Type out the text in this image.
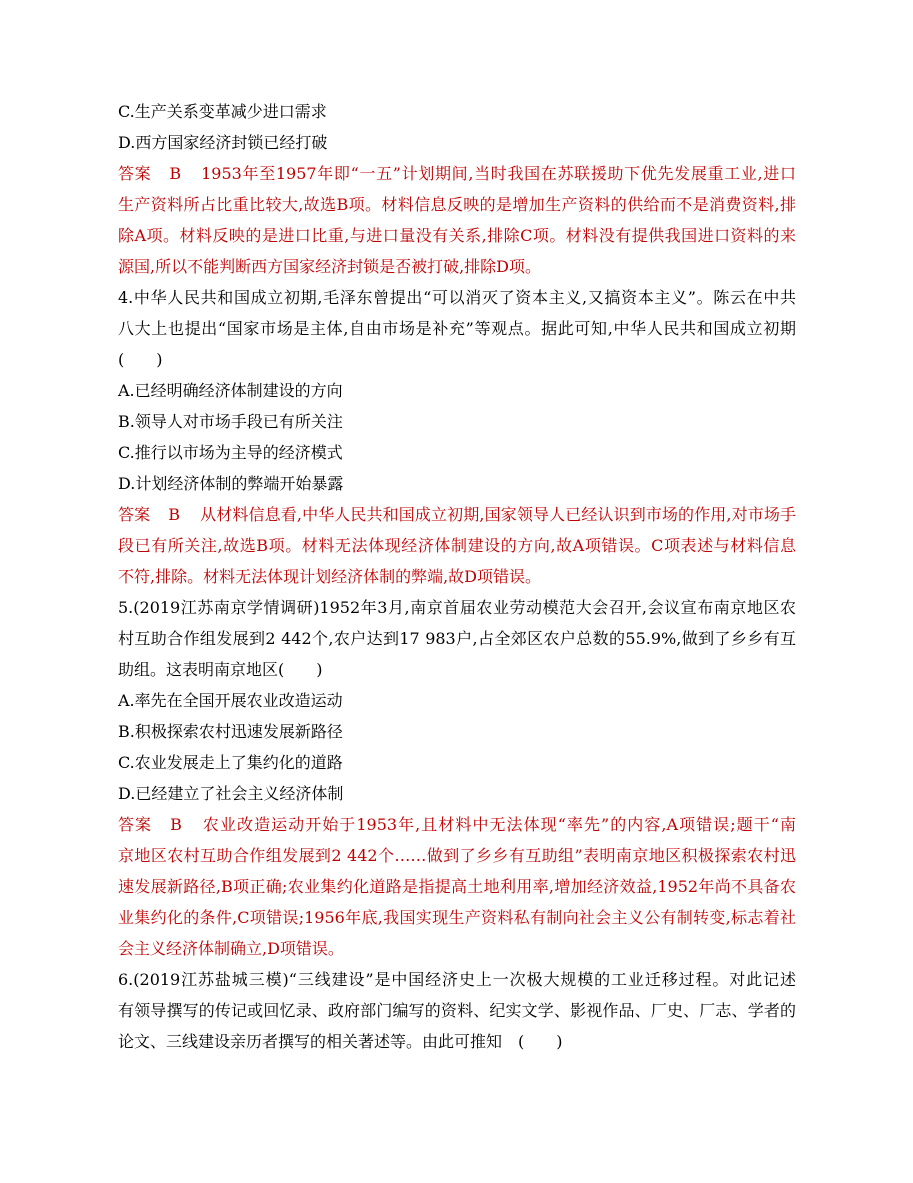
C.生产关系变革减少进口需求
D.西方国家经济封锁已经打破
答案 B 1953年至1957年即“一五”计划期间,当时我国在苏联援助下优先发展重工业,进口
生产资料所占比重比较大,故选B项。材料信息反映的是增加生产资料的供给而不是消费资料,排
除A项。材料反映的是进口比重,与进口量没有关系,排除C项。材料没有提供我国进口资料的来
源国,所以不能判断西方国家经济封锁是否被打破,排除D项。
4.中华人民共和国成立初期,毛泽东曾提出“可以消灭了资本主义,又搞资本主义”。陈云在中共
八大上也提出“国家市场是主体,自由市场是补充”等观点。据此可知,中华人民共和国成立初期
(　　)
A.已经明确经济体制建设的方向
B.领导人对市场手段已有所关注
C.推行以市场为主导的经济模式
D.计划经济体制的弊端开始暴露
答案 B 从材料信息看,中华人民共和国成立初期,国家领导人已经认识到市场的作用,对市场手
段已有所关注,故选B项。材料无法体现经济体制建设的方向,故A项错误。C项表述与材料信息
不符,排除。材料无法体现计划经济体制的弊端,故D项错误。
5.(2019江苏南京学情调研)1952年3月,南京首届农业劳动模范大会召开,会议宣布南京地区农
村互助合作组发展到2 442个,农户达到17 983户,占全郊区农户总数的55.9%,做到了乡乡有互
助组。这表明南京地区(　　)
A.率先在全国开展农业改造运动
B.积极探索农村迅速发展新路径
C.农业发展走上了集约化的道路
D.已经建立了社会主义经济体制
答案 B 农业改造运动开始于1953年,且材料中无法体现“率先”的内容,A项错误;题干“南
京地区农村互助合作组发展到2 442个……做到了乡乡有互助组”表明南京地区积极探索农村迅
速发展新路径,B项正确;农业集约化道路是指提高土地利用率,增加经济效益,1952年尚不具备农
业集约化的条件,C项错误;1956年底,我国实现生产资料私有制向社会主义公有制转变,标志着社
会主义经济体制确立,D项错误。
6.(2019江苏盐城三模)“三线建设”是中国经济史上一次极大规模的工业迁移过程。对此记述
有领导撰写的传记或回忆录、政府部门编写的资料、纪实文学、影视作品、厂史、厂志、学者的
论文、三线建设亲历者撰写的相关著述等。由此可推知　(　　)
